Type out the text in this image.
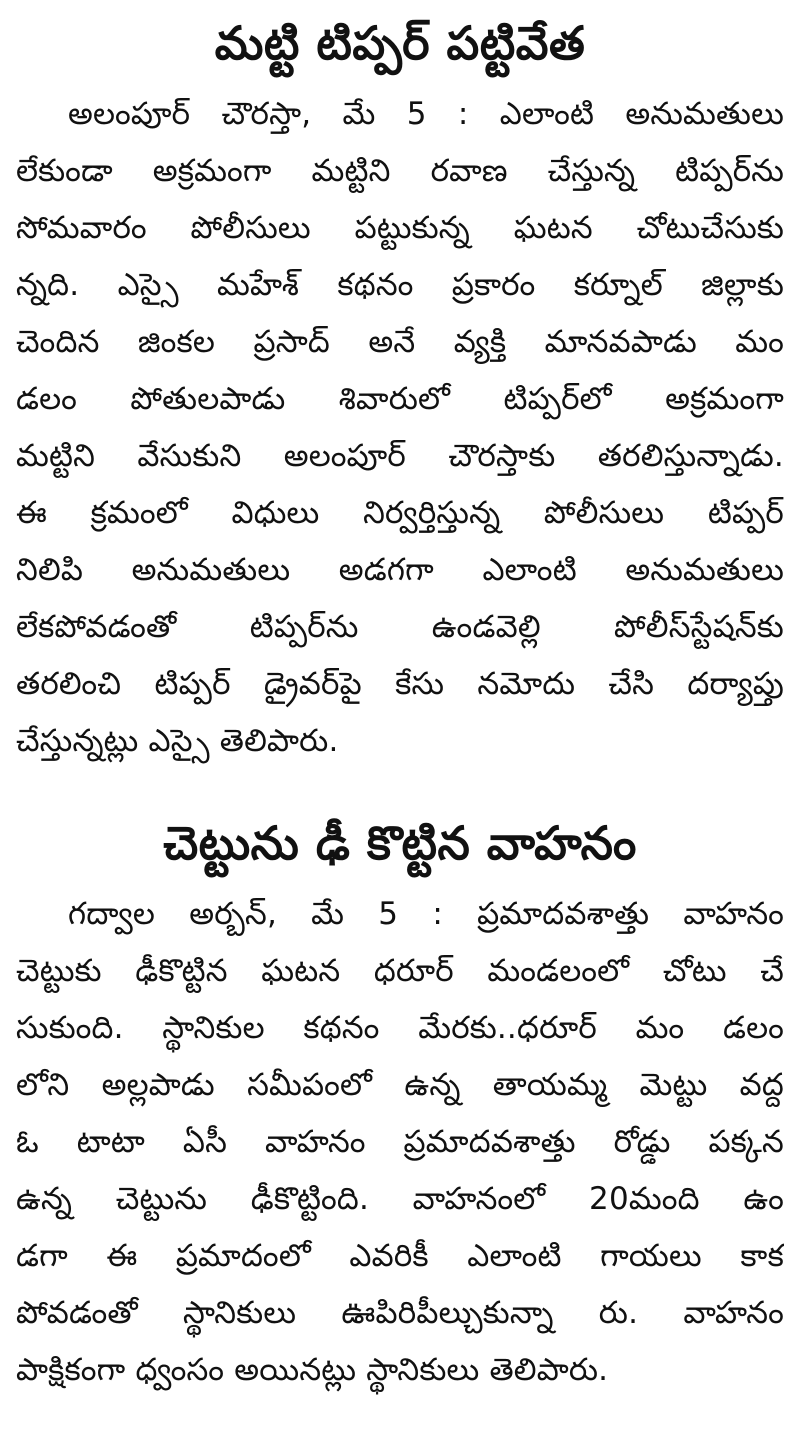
మట్టి టిప్పర్ పట్టివేత
అలంపూర్ చౌరస్తా, మే 5 : ఎలాంటి అనుమతులు
లేకుండా అక్రమంగా మట్టిని రవాణ చేస్తున్న టిప్పర్‌ను
సోమవారం పోలీసులు పట్టుకున్న ఘటన చోటుచేసుకు
న్నది. ఎస్సై మహేశ్ కథనం ప్రకారం కర్నూల్ జిల్లాకు
చెందిన జింకల ప్రసాద్ అనే వ్యక్తి మానవపాడు మం
డలం పోతులపాడు శివారులో టిప్పర్‌లో అక్రమంగా
మట్టిని వేసుకుని అలంపూర్ చౌరస్తాకు తరలిస్తున్నాడు.
ఈ క్రమంలో విధులు నిర్వర్తిస్తున్న పోలీసులు టిప్పర్
నిలిపి అనుమతులు అడగగా ఎలాంటి అనుమతులు
లేకపోవడంతో టిప్పర్‌ను ఉండవెల్లి పోలీస్‌స్టేషన్‌కు
తరలించి టిప్పర్ డ్రైవర్‌పై కేసు నమోదు చేసి దర్యాప్తు
చేస్తున్నట్లు ఎస్సై తెలిపారు.
చెట్టును ఢీ కొట్టిన వాహనం
గద్వాల అర్బన్, మే 5 : ప్రమాదవశాత్తు వాహనం
చెట్టుకు ఢీకొట్టిన ఘటన ధరూర్ మండలంలో చోటు చే
సుకుంది. స్థానికుల కథనం మేరకు..ధరూర్ మం డలం
లోని అల్లపాడు సమీపంలో ఉన్న తాయమ్మ మెట్టు వద్ద
ఓ టాటా ఏసీ వాహనం ప్రమాదవశాత్తు రోడ్డు పక్కన
ఉన్న చెట్టును ఢీకొట్టింది. వాహనంలో 20మంది ఉం
డగా ఈ ప్రమాదంలో ఎవరికీ ఎలాంటి గాయలు కాక
పోవడంతో స్థానికులు ఊపిరిపీల్చుకున్నా రు. వాహనం
పాక్షికంగా ధ్వంసం అయినట్లు స్థానికులు తెలిపారు.
